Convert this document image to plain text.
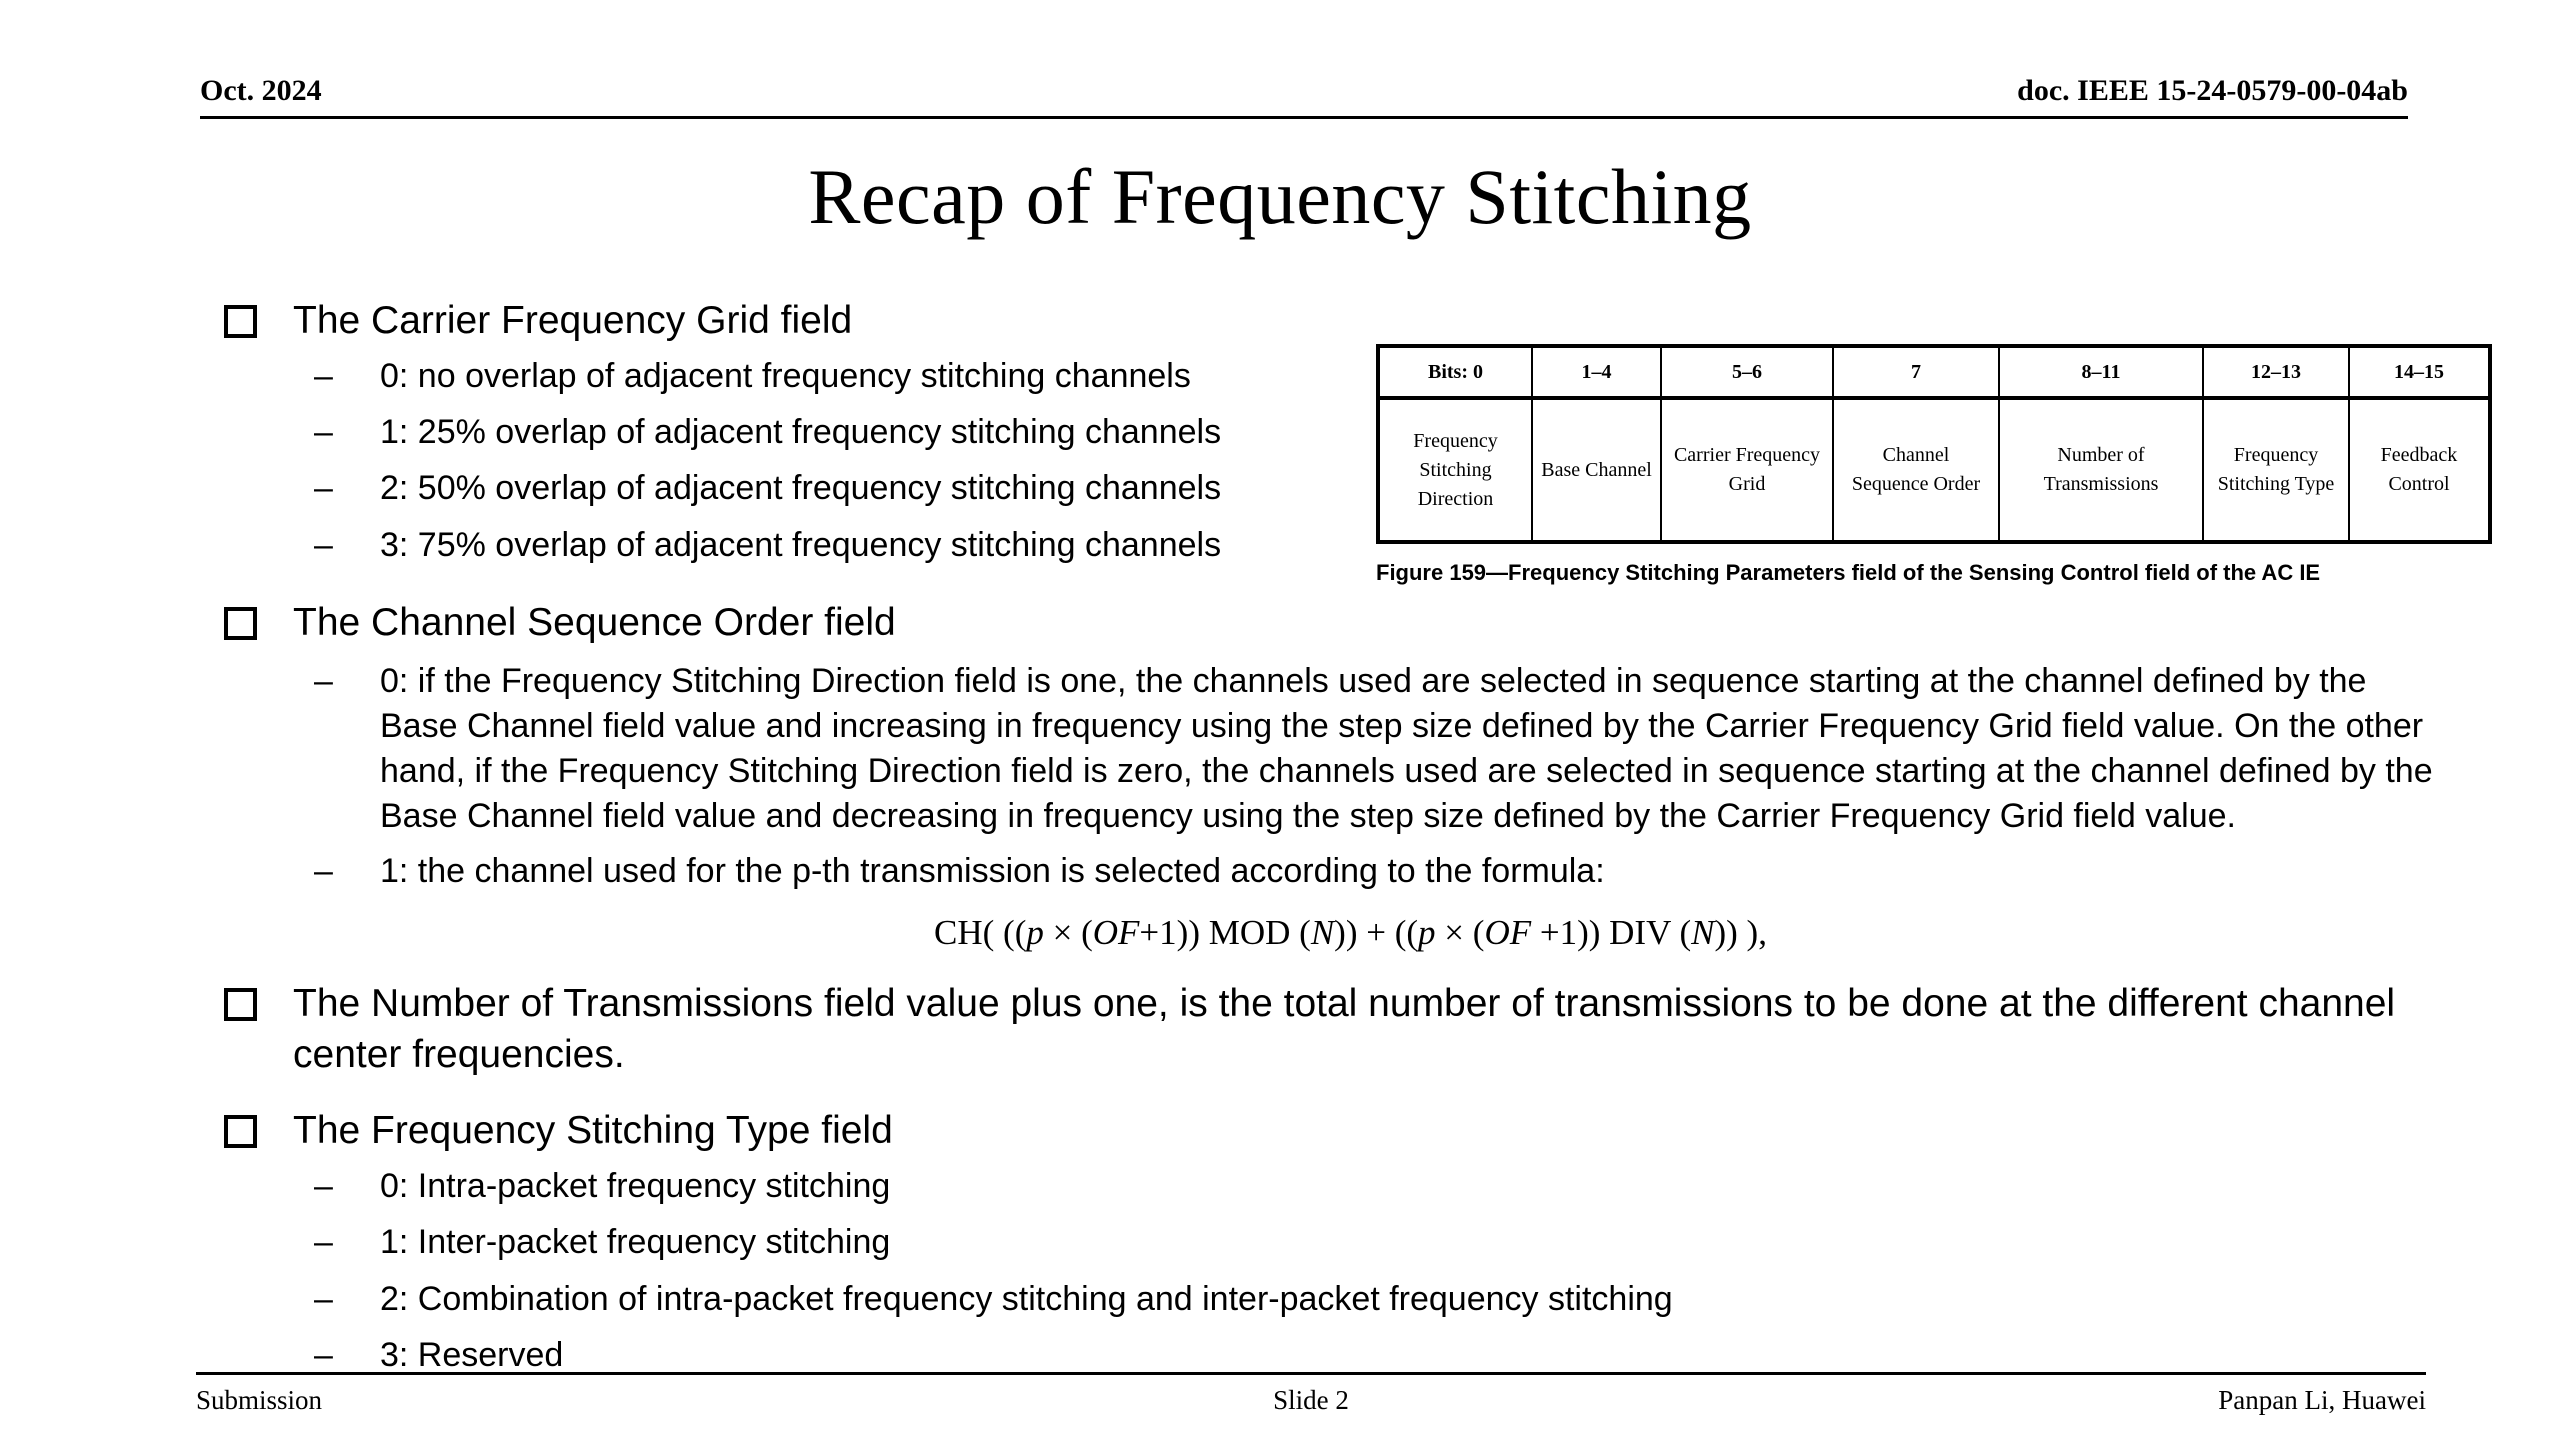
Oct. 2024	doc. IEEE 15-24-0579-00-04ab
Recap of Frequency Stitching
The Carrier Frequency Grid field
–	0: no overlap of adjacent frequency stitching channels
–	1: 25% overlap of adjacent frequency stitching channels
–	2: 50% overlap of adjacent frequency stitching channels
–	3: 75% overlap of adjacent frequency stitching channels
The Channel Sequence Order field
–	0: if the Frequency Stitching Direction field is one, the channels used are selected in sequence starting at the channel defined by the Base Channel field value and increasing in frequency using the step size defined by the Carrier Frequency Grid field value. On the other hand, if the Frequency Stitching Direction field is zero, the channels used are selected in sequence starting at the channel defined by the Base Channel field value and decreasing in frequency using the step size defined by the Carrier Frequency Grid field value.
–	1: the channel used for the p-th transmission is selected according to the formula:
CH( ((p × (OF+1)) MOD (N)) + ((p × (OF +1)) DIV (N)) ),
The Number of Transmissions field value plus one, is the total number of transmissions to be done at the different channel center frequencies.
The Frequency Stitching Type field
–	0: Intra-packet frequency stitching
–	1: Inter-packet frequency stitching
–	2: Combination of intra-packet frequency stitching and inter-packet frequency stitching
–	3: Reserved
Bits: 0	1–4	5–6	7	8–11	12–13	14–15
Frequency Stitching Direction	Base Channel	Carrier Frequency Grid	Channel Sequence Order	Number of Transmissions	Frequency Stitching Type	Feedback Control
Figure 159—Frequency Stitching Parameters field of the Sensing Control field of the AC IE
Submission	Slide 2	Panpan Li, Huawei
